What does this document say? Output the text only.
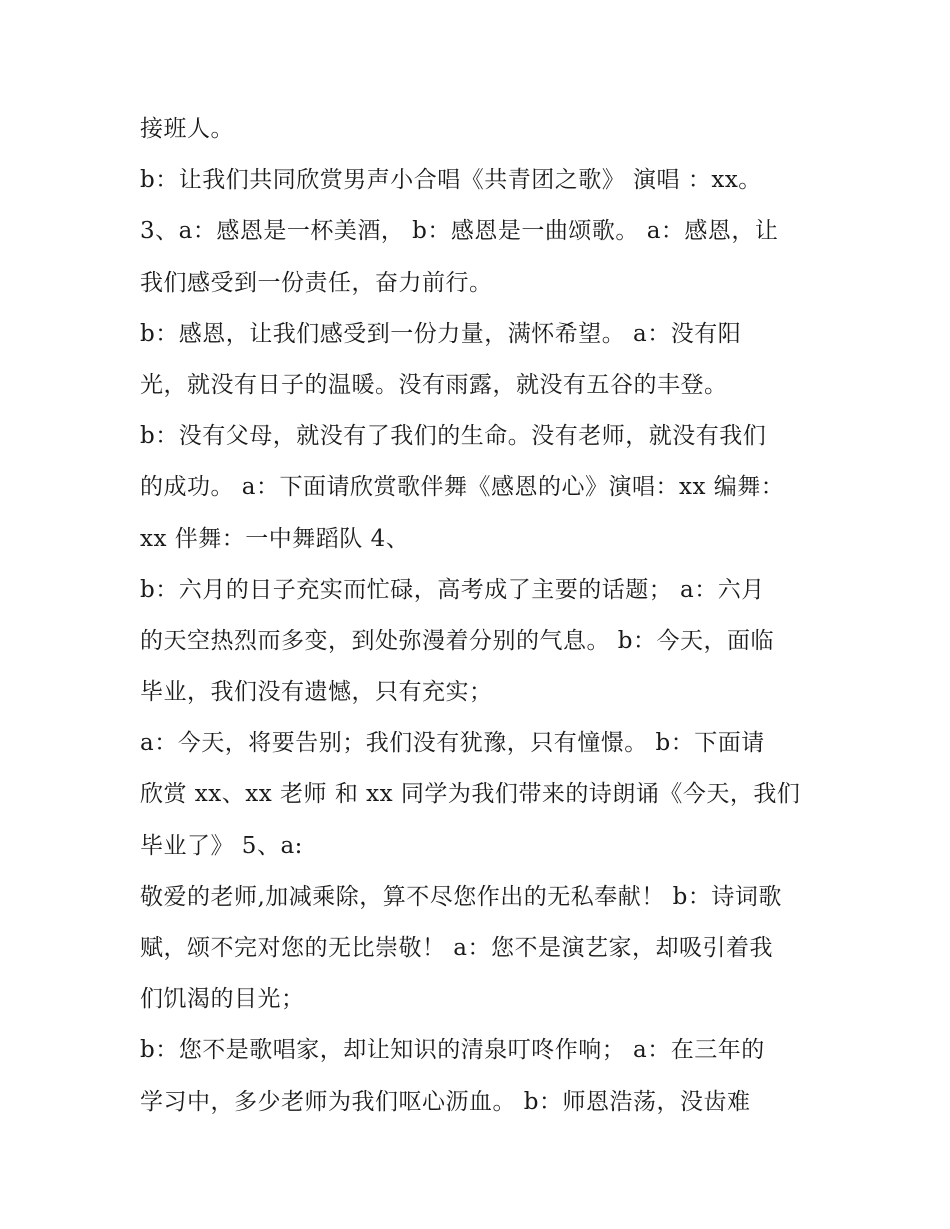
接班人。
b：让我们共同欣赏男声小合唱《共青团之歌》 演唱 ：xx。
3、a：感恩是一杯美酒， b：感恩是一曲颂歌。 a：感恩，让
我们感受到一份责任，奋力前行。
b：感恩，让我们感受到一份力量，满怀希望。 a：没有阳
光，就没有日子的温暖。没有雨露，就没有五谷的丰登。
b：没有父母，就没有了我们的生命。没有老师，就没有我们
的成功。 a：下面请欣赏歌伴舞《感恩的心》演唱：xx 编舞：
xx 伴舞：一中舞蹈队 4、
b：六月的日子充实而忙碌，高考成了主要的话题； a：六月
的天空热烈而多变，到处弥漫着分别的气息。 b：今天，面临
毕业，我们没有遗憾，只有充实；
a：今天，将要告别；我们没有犹豫，只有憧憬。 b：下面请
欣赏 xx、xx 老师 和 xx 同学为我们带来的诗朗诵《今天，我们
毕业了》 5、a:
敬爱的老师,加减乘除，算不尽您作出的无私奉献！ b：诗词歌
赋，颂不完对您的无比崇敬！ a：您不是演艺家，却吸引着我
们饥渴的目光；
b：您不是歌唱家，却让知识的清泉叮咚作响； a：在三年的
学习中，多少老师为我们呕心沥血。 b：师恩浩荡，没齿难
